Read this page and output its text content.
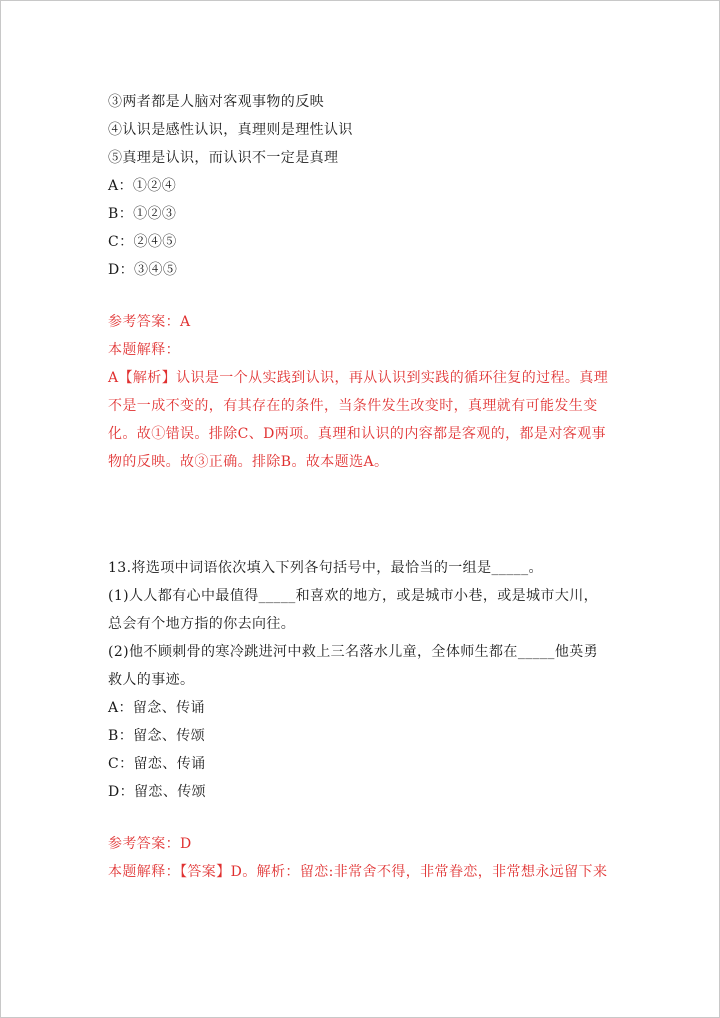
③两者都是人脑对客观事物的反映
④认识是感性认识，真理则是理性认识
⑤真理是认识，而认识不一定是真理
A：①②④
B：①②③
C：②④⑤
D：③④⑤
参考答案：A
本题解释：
A【解析】认识是一个从实践到认识，再从认识到实践的循环往复的过程。真理
不是一成不变的，有其存在的条件，当条件发生改变时，真理就有可能发生变
化。故①错误。排除C、D两项。真理和认识的内容都是客观的，都是对客观事
物的反映。故③正确。排除B。故本题选A。
13.将选项中词语依次填入下列各句括号中，最恰当的一组是_____。
(1)人人都有心中最值得_____和喜欢的地方，或是城市小巷，或是城市大川，
总会有个地方指的你去向往。
(2)他不顾刺骨的寒冷跳进河中救上三名落水儿童，全体师生都在_____他英勇
救人的事迹。
A：留念、传诵
B：留念、传颂
C：留恋、传诵
D：留恋、传颂
参考答案：D
本题解释：【答案】D。解析：留恋:非常舍不得，非常眷恋，非常想永远留下来
